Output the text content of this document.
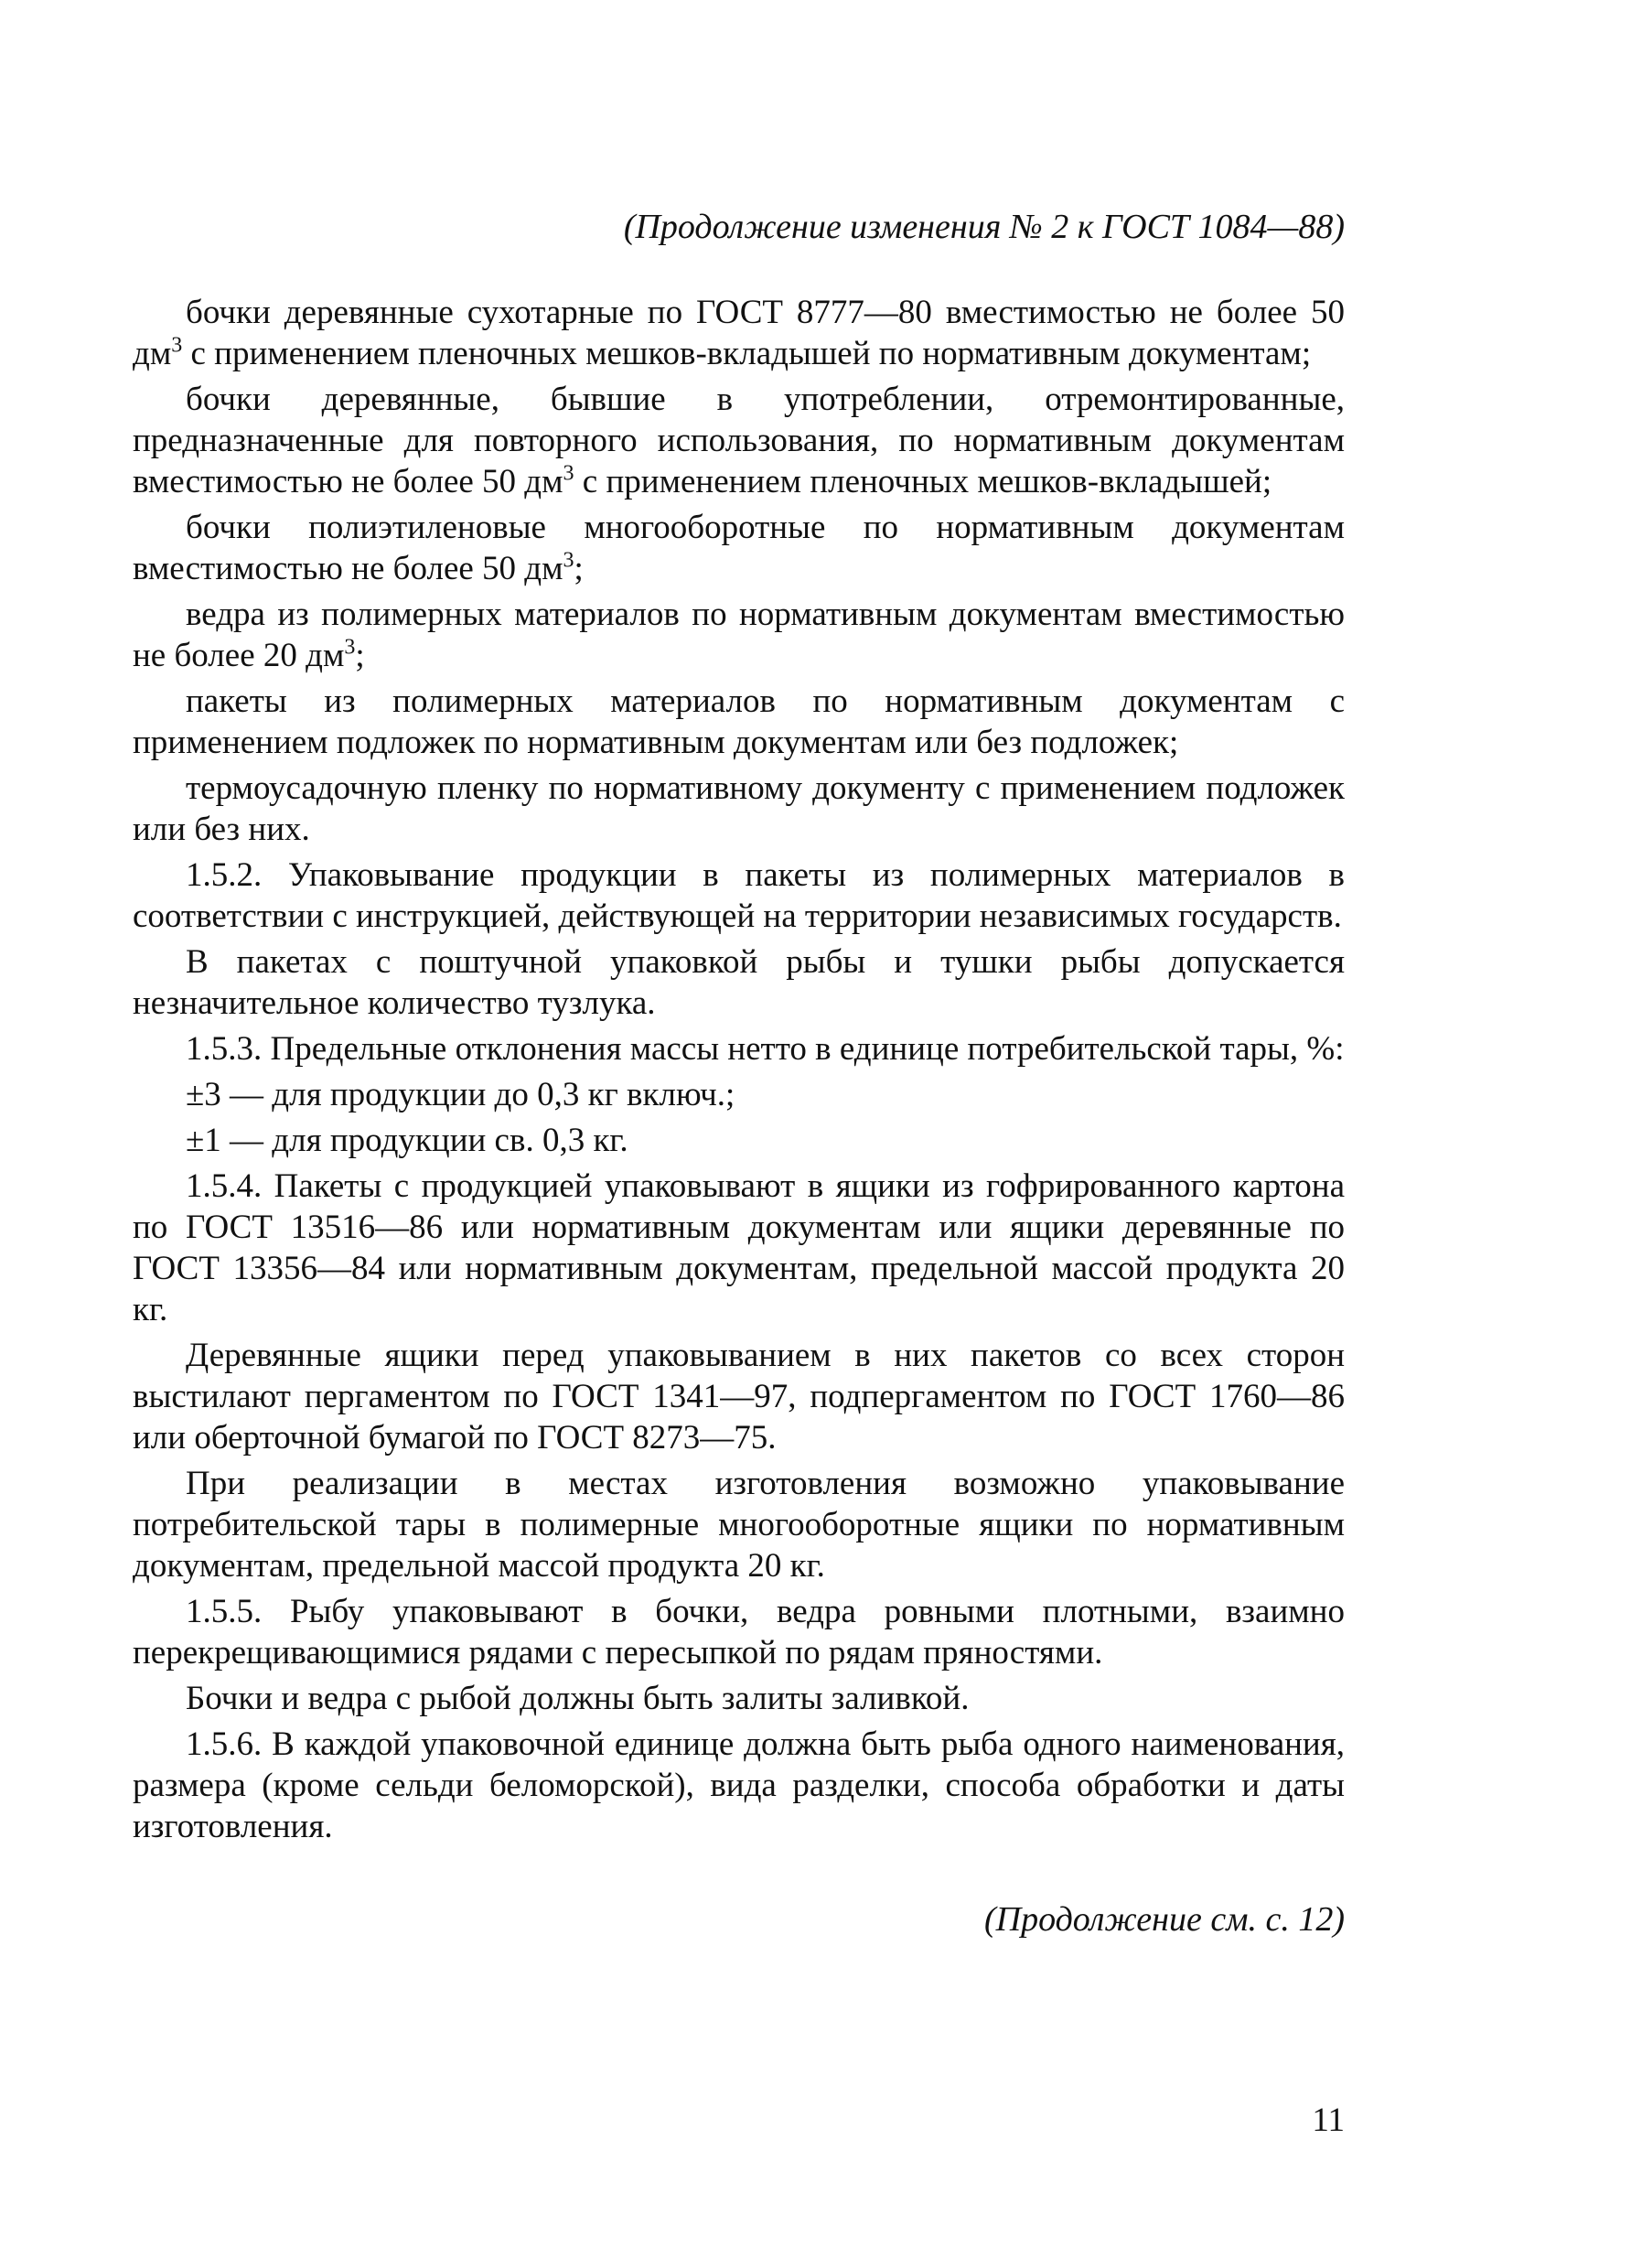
(Продолжение изменения № 2 к ГОСТ 1084—88)

бочки деревянные сухотарные по ГОСТ 8777—80 вместимостью не более 50 $дм^3$ с применением пленочных мешков-вкладышей по нормативным документам;

бочки деревянные, бывшие в употреблении, отремонтированные, предназначенные для повторного использования, по нормативным документам вместимостью не более 50 $дм^3$ с применением пленочных мешков-вкладышей;

бочки полиэтиленовые многооборотные по нормативным документам вместимостью не более 50 $дм^3$;

ведра из полимерных материалов по нормативным документам вместимостью не более 20 $дм^3$;

пакеты из полимерных материалов по нормативным документам с применением подложек по нормативным документам или без подложек;

термоусадочную пленку по нормативному документу с применением подложек или без них.

1.5.2. Упаковывание продукции в пакеты из полимерных материалов в соответствии с инструкцией, действующей на территории независимых государств.

В пакетах с поштучной упаковкой рыбы и тушки рыбы допускается незначительное количество тузлука.

1.5.3. Предельные отклонения массы нетто в единице потребительской тары, %:

±3 — для продукции до 0,3 кг включ.;

±1 — для продукции св. 0,3 кг.

1.5.4. Пакеты с продукцией упаковывают в ящики из гофрированного картона по ГОСТ 13516—86 или нормативным документам или ящики деревянные по ГОСТ 13356—84 или нормативным документам, предельной массой продукта 20 кг.

Деревянные ящики перед упаковыванием в них пакетов со всех сторон выстилают пергаментом по ГОСТ 1341—97, подпергаментом по ГОСТ 1760—86 или оберточной бумагой по ГОСТ 8273—75.

При реализации в местах изготовления возможно упаковывание потребительской тары в полимерные многооборотные ящики по нормативным документам, предельной массой продукта 20 кг.

1.5.5. Рыбу упаковывают в бочки, ведра ровными плотными, взаимно перекрещивающимися рядами с пересыпкой по рядам пряностями.

Бочки и ведра с рыбой должны быть залиты заливкой.

1.5.6. В каждой упаковочной единице должна быть рыба одного наименования, размера (кроме сельди беломорской), вида разделки, способа обработки и даты изготовления.

(Продолжение см. с. 12)
11
